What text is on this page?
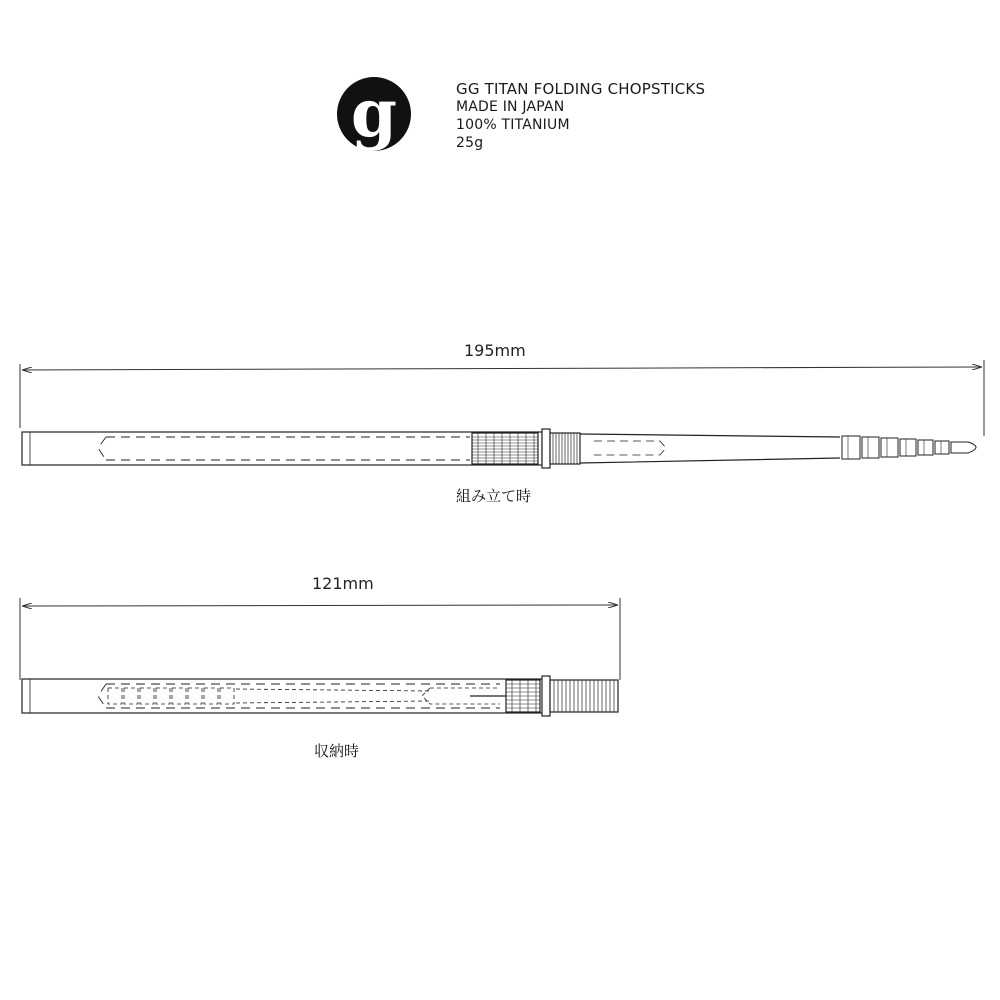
g	GG TITAN FOLDING CHOPSTICKS
MADE IN JAPAN
100% TITANIUM
25g
195mm
組み立て時
121mm
収納時
